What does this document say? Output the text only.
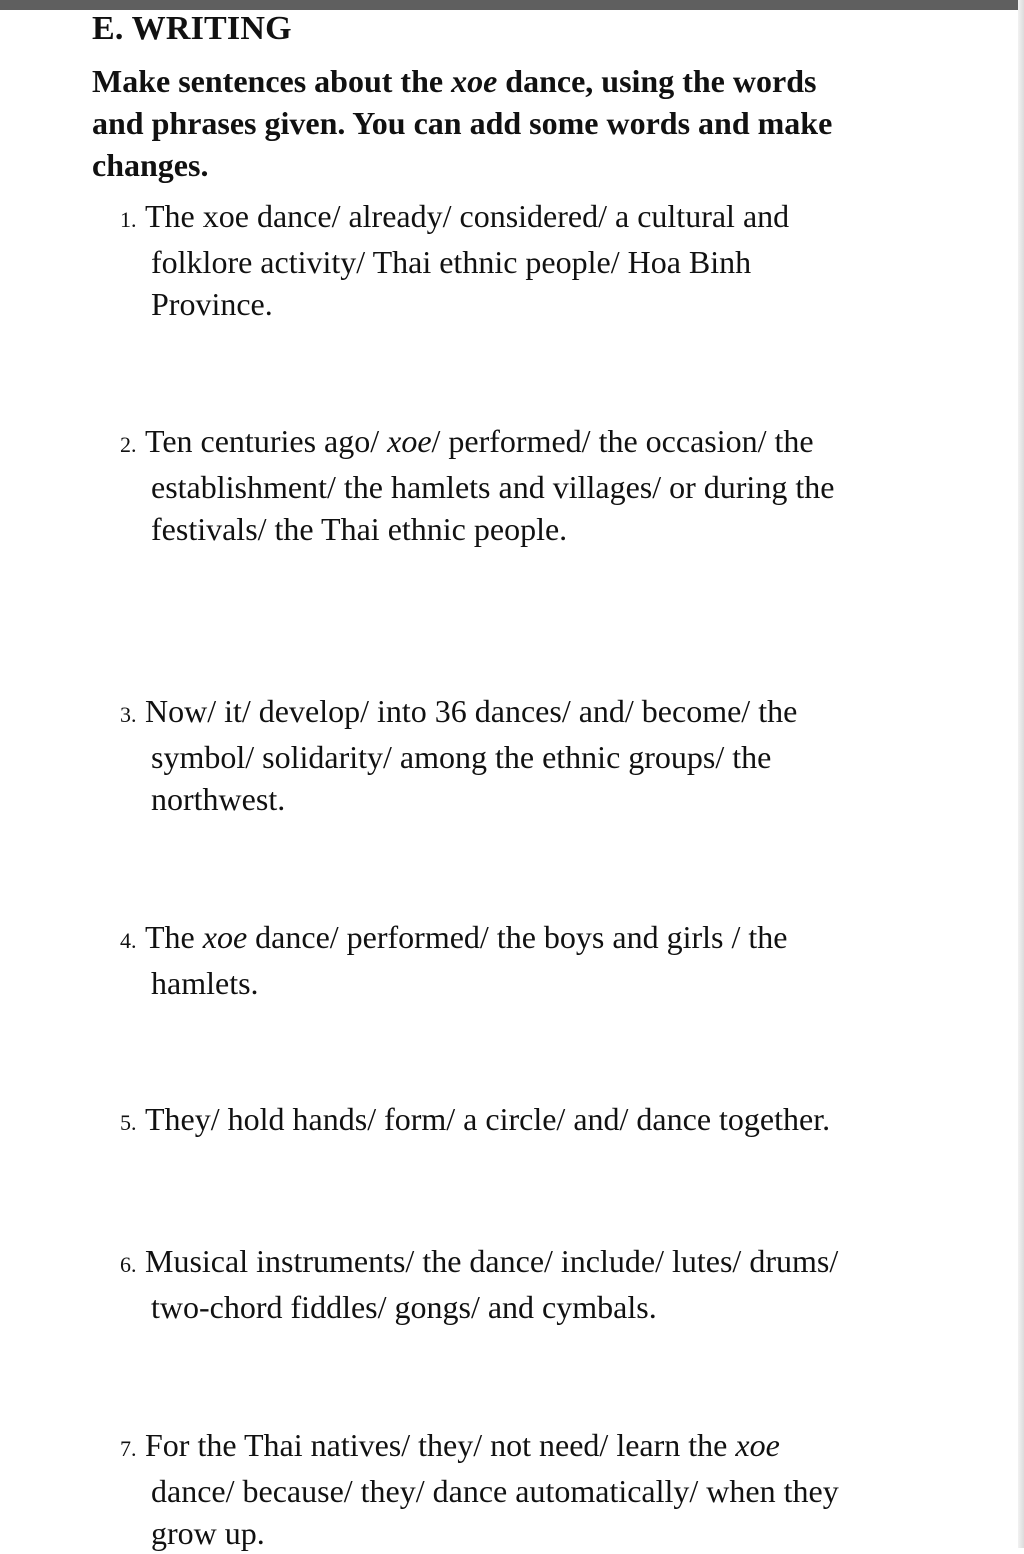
E. WRITING
Make sentences about the xoe dance, using the words
and phrases given. You can add some words and make
changes.
1. The xoe dance/ already/ considered/ a cultural and
folklore activity/ Thai ethnic people/ Hoa Binh
Province.
2. Ten centuries ago/ xoe/ performed/ the occasion/ the
establishment/ the hamlets and villages/ or during the
festivals/ the Thai ethnic people.
3. Now/ it/ develop/ into 36 dances/ and/ become/ the
symbol/ solidarity/ among the ethnic groups/ the
northwest.
4. The xoe dance/ performed/ the boys and girls / the
hamlets.
5. They/ hold hands/ form/ a circle/ and/ dance together.
6. Musical instruments/ the dance/ include/ lutes/ drums/
two-chord fiddles/ gongs/ and cymbals.
7. For the Thai natives/ they/ not need/ learn the xoe
dance/ because/ they/ dance automatically/ when they
grow up.
